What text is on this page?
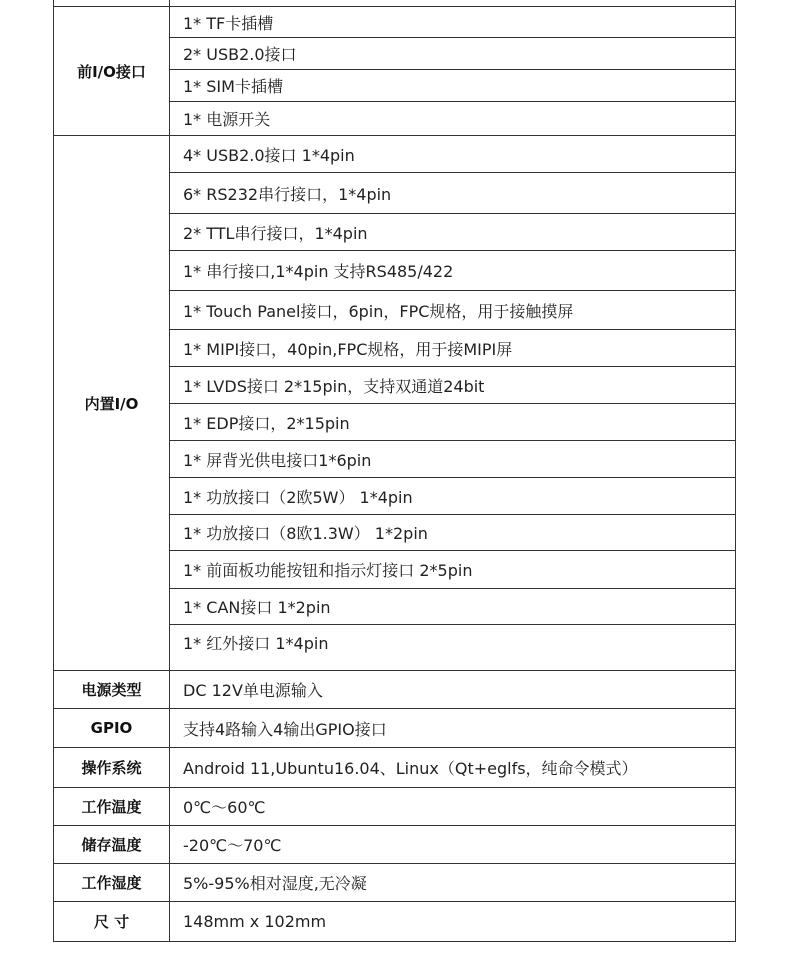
前I/O接口	1* TF卡插槽
	2* USB2.0接口
	1* SIM卡插槽
	1* 电源开关
内置I/O	4* USB2.0接口 1*4pin
	6* RS232串行接口，1*4pin
	2* TTL串行接口，1*4pin
	1* 串行接口,1*4pin 支持RS485/422
	1* Touch Panel接口，6pin，FPC规格，用于接触摸屏
	1* MIPI接口，40pin,FPC规格，用于接MIPI屏
	1* LVDS接口 2*15pin，支持双通道24bit
	1* EDP接口，2*15pin
	1* 屏背光供电接口1*6pin
	1* 功放接口（2欧5W） 1*4pin
	1* 功放接口（8欧1.3W） 1*2pin
	1* 前面板功能按钮和指示灯接口 2*5pin
	1* CAN接口 1*2pin
	1* 红外接口 1*4pin
电源类型	DC 12V单电源输入
GPIO	支持4路输入4输出GPIO接口
操作系统	Android 11,Ubuntu16.04、Linux（Qt+eglfs，纯命令模式）
工作温度	0℃～60℃
储存温度	-20℃～70℃
工作湿度	5%-95%相对湿度,无冷凝
尺 寸	148mm x 102mm
